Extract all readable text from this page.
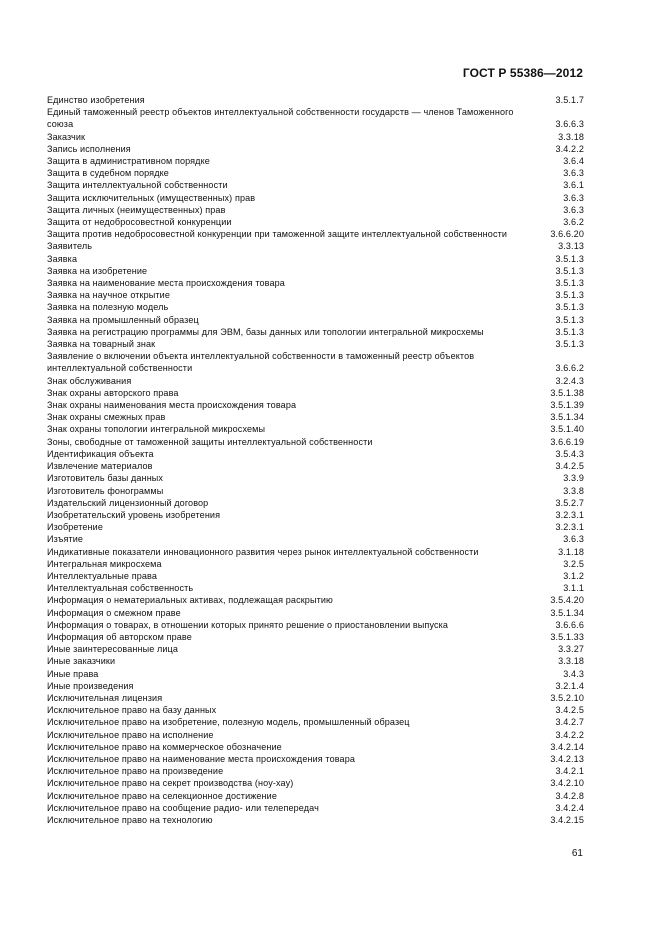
ГОСТ Р 55386—2012
Единство изобретения	3.5.1.7
Единый таможенный реестр объектов интеллектуальной собственности государств — членов Таможенного союза	3.6.6.3
Заказчик	3.3.18
Запись исполнения	3.4.2.2
Защита в административном порядке	3.6.4
Защита в судебном порядке	3.6.3
Защита интеллектуальной собственности	3.6.1
Защита исключительных (имущественных) прав	3.6.3
Защита личных (неимущественных) прав	3.6.3
Защита от недобросовестной конкуренции	3.6.2
Защита против недобросовестной конкуренции при таможенной защите интеллектуальной собственности	3.6.6.20
Заявитель	3.3.13
Заявка	3.5.1.3
Заявка на изобретение	3.5.1.3
Заявка на наименование места происхождения товара	3.5.1.3
Заявка на научное открытие	3.5.1.3
Заявка на полезную модель	3.5.1.3
Заявка на промышленный образец	3.5.1.3
Заявка на регистрацию программы для ЭВМ, базы данных или топологии интегральной микросхемы	3.5.1.3
Заявка на товарный знак	3.5.1.3
Заявление о включении объекта интеллектуальной собственности в таможенный реестр объектов интеллектуальной собственности	3.6.6.2
Знак обслуживания	3.2.4.3
Знак охраны авторского права	3.5.1.38
Знак охраны наименования места происхождения товара	3.5.1.39
Знак охраны смежных прав	3.5.1.34
Знак охраны топологии интегральной микросхемы	3.5.1.40
Зоны, свободные от таможенной защиты интеллектуальной собственности	3.6.6.19
Идентификация объекта	3.5.4.3
Извлечение материалов	3.4.2.5
Изготовитель базы данных	3.3.9
Изготовитель фонограммы	3.3.8
Издательский лицензионный договор	3.5.2.7
Изобретательский уровень изобретения	3.2.3.1
Изобретение	3.2.3.1
Изъятие	3.6.3
Индикативные показатели инновационного развития через рынок интеллектуальной собственности	3.1.18
Интегральная микросхема	3.2.5
Интеллектуальные права	3.1.2
Интеллектуальная собственность	3.1.1
Информация о нематериальных активах, подлежащая раскрытию	3.5.4.20
Информация о смежном праве	3.5.1.34
Информация о товарах, в отношении которых принято решение о приостановлении выпуска	3.6.6.6
Информация об авторском праве	3.5.1.33
Иные заинтересованные лица	3.3.27
Иные заказчики	3.3.18
Иные права	3.4.3
Иные произведения	3.2.1.4
Исключительная лицензия	3.5.2.10
Исключительное право на базу данных	3.4.2.5
Исключительное право на изобретение, полезную модель, промышленный образец	3.4.2.7
Исключительное право на исполнение	3.4.2.2
Исключительное право на коммерческое обозначение	3.4.2.14
Исключительное право на наименование места происхождения товара	3.4.2.13
Исключительное право на произведение	3.4.2.1
Исключительное право на секрет производства (ноу-хау)	3.4.2.10
Исключительное право на селекционное достижение	3.4.2.8
Исключительное право на сообщение радио- или телепередач	3.4.2.4
Исключительное право на технологию	3.4.2.15
61
